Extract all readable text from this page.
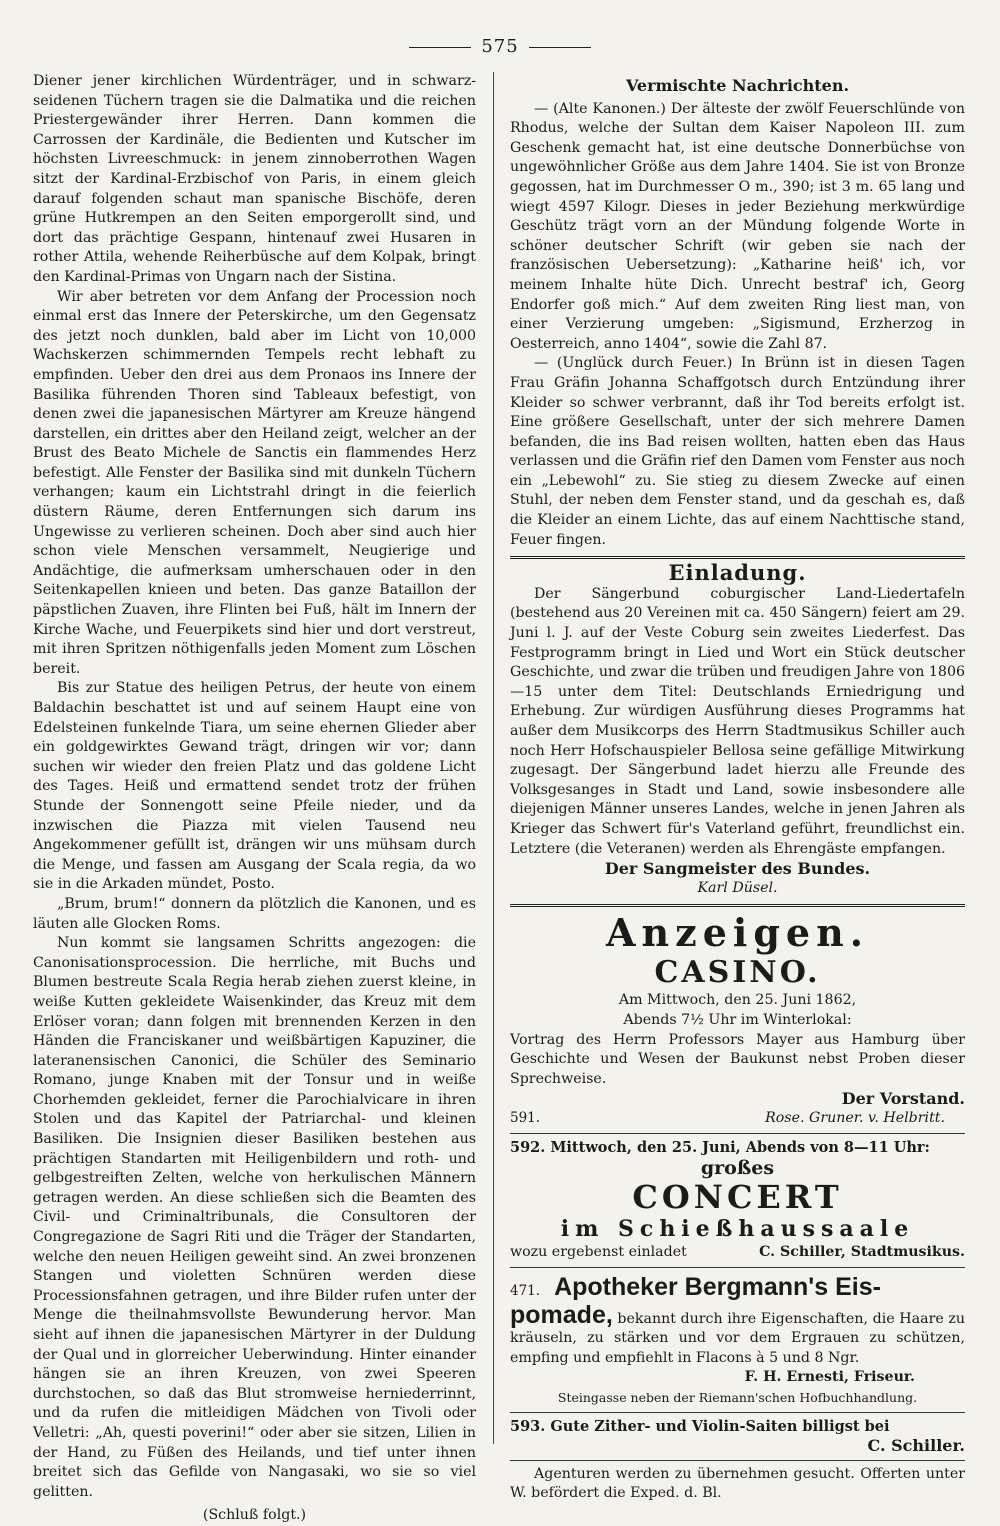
575

Diener jener kirchlichen Würdenträger, und in schwarz-seidenen Tüchern tragen sie die Dalmatika und die reichen Priestergewänder ihrer Herren. Dann kommen die Carrossen der Kardinäle, die Bedienten und Kutscher im höchsten Livreeschmuck: in jenem zinnoberrothen Wagen sitzt der Kardinal-Erzbischof von Paris, in einem gleich darauf folgenden schaut man spanische Bischöfe, deren grüne Hutkrempen an den Seiten emporgerollt sind, und dort das prächtige Gespann, hintenauf zwei Husaren in rother Attila, wehende Reiherbüsche auf dem Kolpak, bringt den Kardinal-Primas von Ungarn nach der Sistina.

Wir aber betreten vor dem Anfang der Procession noch einmal erst das Innere der Peterskirche, um den Gegensatz des jetzt noch dunklen, bald aber im Licht von 10,000 Wachskerzen schimmernden Tempels recht lebhaft zu empfinden. Ueber den drei aus dem Pronaos ins Innere der Basilika führenden Thoren sind Tableaux befestigt, von denen zwei die japanesischen Märtyrer am Kreuze hängend darstellen, ein drittes aber den Heiland zeigt, welcher an der Brust des Beato Michele de Sanctis ein flammendes Herz befestigt. Alle Fenster der Basilika sind mit dunkeln Tüchern verhangen; kaum ein Lichtstrahl dringt in die feierlich düstern Räume, deren Entfernungen sich darum ins Ungewisse zu verlieren scheinen. Doch aber sind auch hier schon viele Menschen versammelt, Neugierige und Andächtige, die aufmerksam umherschauen oder in den Seitenkapellen knieen und beten. Das ganze Bataillon der päpstlichen Zuaven, ihre Flinten bei Fuß, hält im Innern der Kirche Wache, und Feuerpikets sind hier und dort verstreut, mit ihren Spritzen nöthigenfalls jeden Moment zum Löschen bereit.

Bis zur Statue des heiligen Petrus, der heute von einem Baldachin beschattet ist und auf seinem Haupt eine von Edelsteinen funkelnde Tiara, um seine ehernen Glieder aber ein goldgewirktes Gewand trägt, dringen wir vor; dann suchen wir wieder den freien Platz und das goldene Licht des Tages. Heiß und ermattend sendet trotz der frühen Stunde der Sonnengott seine Pfeile nieder, und da inzwischen die Piazza mit vielen Tausend neu Angekommener gefüllt ist, drängen wir uns mühsam durch die Menge, und fassen am Ausgang der Scala regia, da wo sie in die Arkaden mündet, Posto.

„Brum, brum!“ donnern da plötzlich die Kanonen, und es läuten alle Glocken Roms.

Nun kommt sie langsamen Schritts angezogen: die Canonisationsprocession. Die herrliche, mit Buchs und Blumen bestreute Scala Regia herab ziehen zuerst kleine, in weiße Kutten gekleidete Waisenkinder, das Kreuz mit dem Erlöser voran; dann folgen mit brennenden Kerzen in den Händen die Franciskaner und weißbärtigen Kapuziner, die lateranensischen Canonici, die Schüler des Seminario Romano, junge Knaben mit der Tonsur und in weiße Chorhemden gekleidet, ferner die Parochialvicare in ihren Stolen und das Kapitel der Patriarchal- und kleinen Basiliken. Die Insignien dieser Basiliken bestehen aus prächtigen Standarten mit Heiligenbildern und roth- und gelbgestreiften Zelten, welche von herkulischen Männern getragen werden. An diese schließen sich die Beamten des Civil- und Criminaltribunals, die Consultoren der Congregazione de Sagri Riti und die Träger der Standarten, welche den neuen Heiligen geweiht sind. An zwei bronzenen Stangen und violetten Schnüren werden diese Processionsfahnen getragen, und ihre Bilder rufen unter der Menge die theilnahmsvollste Bewunderung hervor. Man sieht auf ihnen die japanesischen Märtyrer in der Duldung der Qual und in glorreicher Ueberwindung. Hinter einander hängen sie an ihren Kreuzen, von zwei Speeren durchstochen, so daß das Blut stromweise herniederrinnt, und da rufen die mitleidigen Mädchen von Tivoli oder Velletri: „Ah, questi poverini!“ oder aber sie sitzen, Lilien in der Hand, zu Füßen des Heilands, und tief unter ihnen breitet sich das Gefilde von Nangasaki, wo sie so viel gelitten.

(Schluß folgt.)

Vermischte Nachrichten.

— (Alte Kanonen.) Der älteste der zwölf Feuerschlünde von Rhodus, welche der Sultan dem Kaiser Napoleon III. zum Geschenk gemacht hat, ist eine deutsche Donnerbüchse von ungewöhnlicher Größe aus dem Jahre 1404. Sie ist von Bronze gegossen, hat im Durchmesser O m., 390; ist 3 m. 65 lang und wiegt 4597 Kilogr. Dieses in jeder Beziehung merkwürdige Geschütz trägt vorn an der Mündung folgende Worte in schöner deutscher Schrift (wir geben sie nach der französischen Uebersetzung): „Katharine heiß' ich, vor meinem Inhalte hüte Dich. Unrecht bestraf' ich, Georg Endorfer goß mich.“ Auf dem zweiten Ring liest man, von einer Verzierung umgeben: „Sigismund, Erzherzog in Oesterreich, anno 1404“, sowie die Zahl 87.

— (Unglück durch Feuer.) In Brünn ist in diesen Tagen Frau Gräfin Johanna Schaffgotsch durch Entzündung ihrer Kleider so schwer verbrannt, daß ihr Tod bereits erfolgt ist. Eine größere Gesellschaft, unter der sich mehrere Damen befanden, die ins Bad reisen wollten, hatten eben das Haus verlassen und die Gräfin rief den Damen vom Fenster aus noch ein „Lebewohl“ zu. Sie stieg zu diesem Zwecke auf einen Stuhl, der neben dem Fenster stand, und da geschah es, daß die Kleider an einem Lichte, das auf einem Nachttische stand, Feuer fingen.

Einladung.

Der Sängerbund coburgischer Land-Liedertafeln (bestehend aus 20 Vereinen mit ca. 450 Sängern) feiert am 29. Juni l. J. auf der Veste Coburg sein zweites Liederfest. Das Festprogramm bringt in Lied und Wort ein Stück deutscher Geschichte, und zwar die trüben und freudigen Jahre von 1806—15 unter dem Titel: Deutschlands Erniedrigung und Erhebung. Zur würdigen Ausführung dieses Programms hat außer dem Musikcorps des Herrn Stadtmusikus Schiller auch noch Herr Hofschauspieler Bellosa seine gefällige Mitwirkung zugesagt. Der Sängerbund ladet hierzu alle Freunde des Volksgesanges in Stadt und Land, sowie insbesondere alle diejenigen Männer unseres Landes, welche in jenen Jahren als Krieger das Schwert für's Vaterland geführt, freundlichst ein. Letztere (die Veteranen) werden als Ehrengäste empfangen.

Der Sangmeister des Bundes.
Karl Düsel.
Anzeigen.
CASINO.
Am Mittwoch, den 25. Juni 1862,
Abends 7½ Uhr im Winterlokal:

Vortrag des Herrn Professors Mayer aus Hamburg über Geschichte und Wesen der Baukunst nebst Proben dieser Sprechweise.

Der Vorstand.
591.	Rose. Gruner. v. Helbritt.
592. Mittwoch, den 25. Juni, Abends von 8—11 Uhr:
großes
CONCERT
im Schießhaussaale
wozu ergebenst einladet	C. Schiller, Stadtmusikus.
471. Apotheker Bergmann's Eis-
pomade, bekannt durch ihre Eigenschaften, die Haare zu kräuseln, zu stärken und vor dem Ergrauen zu schützen, empfing und empfiehlt in Flacons à 5 und 8 Ngr.
F. H. Ernesti, Friseur.
Steingasse neben der Riemann'schen Hofbuchhandlung.
593. Gute Zither- und Violin-Saiten billigst bei
C. Schiller.

Agenturen werden zu übernehmen gesucht. Offerten unter W. befördert die Exped. d. Bl.
